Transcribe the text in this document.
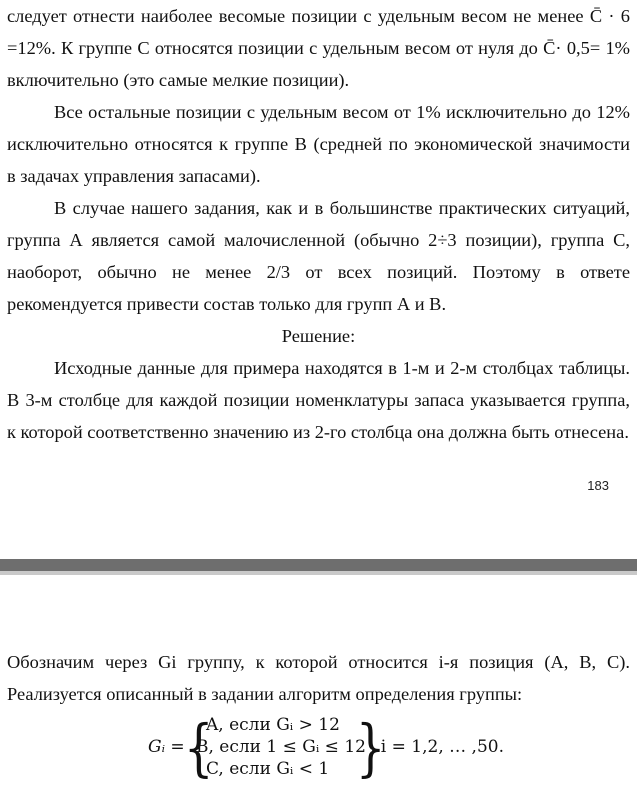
следует отнести наиболее весомые позиции с удельным весом не менее C̄ · 6
=12%. К группе С относятся позиции с удельным весом от нуля до C̄· 0,5= 1%
включительно (это самые мелкие позиции).
Все остальные позиции с удельным весом от 1% исключительно до 12%
исключительно относятся к группе В (средней по экономической значимости
в задачах управления запасами).
В случае нашего задания, как и в большинстве практических ситуаций,
группа А является самой малочисленной (обычно 2÷3 позиции), группа С,
наоборот, обычно не менее 2/3 от всех позиций. Поэтому в ответе
рекомендуется привести состав только для групп А и В.
Решение:
Исходные данные для примера находятся в 1-м и 2-м столбцах таблицы.
В 3-м столбце для каждой позиции номенклатуры запаса указывается группа,
к которой соответственно значению из 2-го столбца она должна быть отнесена.
183
Обозначим через Gi группу, к которой относится i-я позиция (A, B, C).
Реализуется описанный в задании алгоритм определения группы:
Gᵢ = {
A, если Gᵢ > 12
B, если 1 ≤ Gᵢ ≤ 12
C, если Gᵢ < 1 }
, i = 1,2, … ,50.
